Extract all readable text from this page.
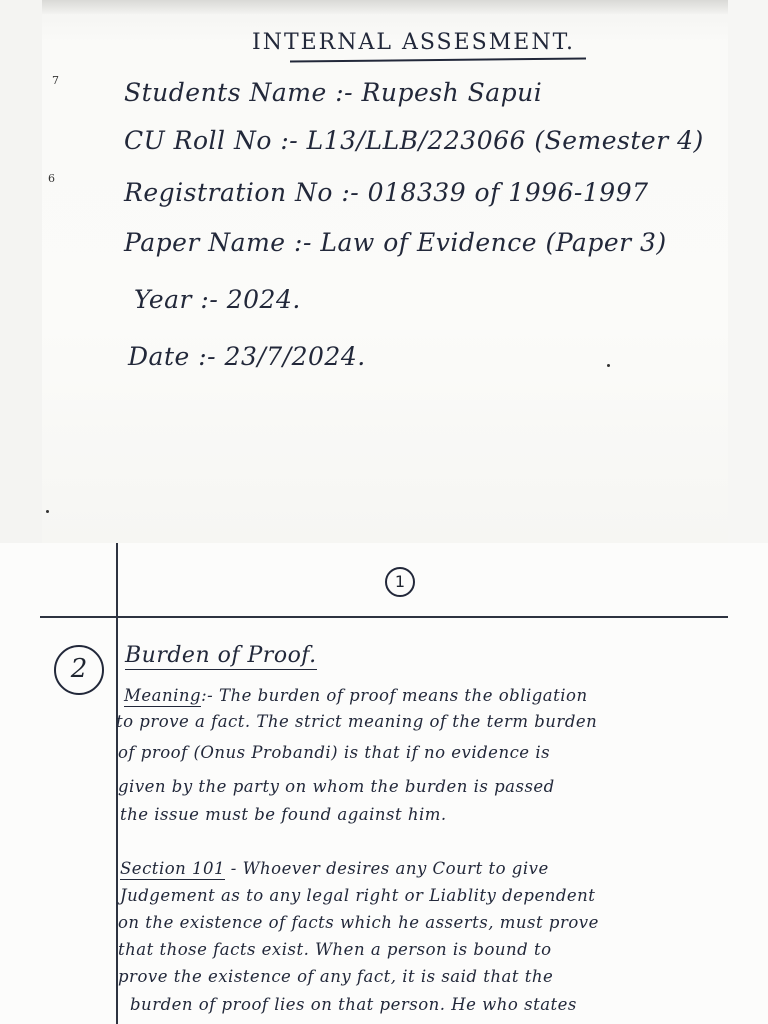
INTERNAL ASSESMENT.
7
6
Students Name :- Rupesh Sapui
CU Roll No :- L13/LLB/223066 (Semester 4)
Registration No :- 018339 of 1996-1997
Paper Name :- Law of Evidence (Paper 3)
Year :- 2024.
Date :- 23/7/2024.
1
2	Burden of Proof.
Meaning:- The burden of proof means the obligation
to prove a fact. The strict meaning of the term burden
of proof (Onus Probandi) is that if no evidence is
given by the party on whom the burden is passed
the issue must be found against him.
Section 101 - Whoever desires any Court to give
Judgement as to any legal right or Liablity dependent
on the existence of facts which he asserts, must prove
that those facts exist. When a person is bound to
prove the existence of any fact, it is said that the
burden of proof lies on that person. He who states
